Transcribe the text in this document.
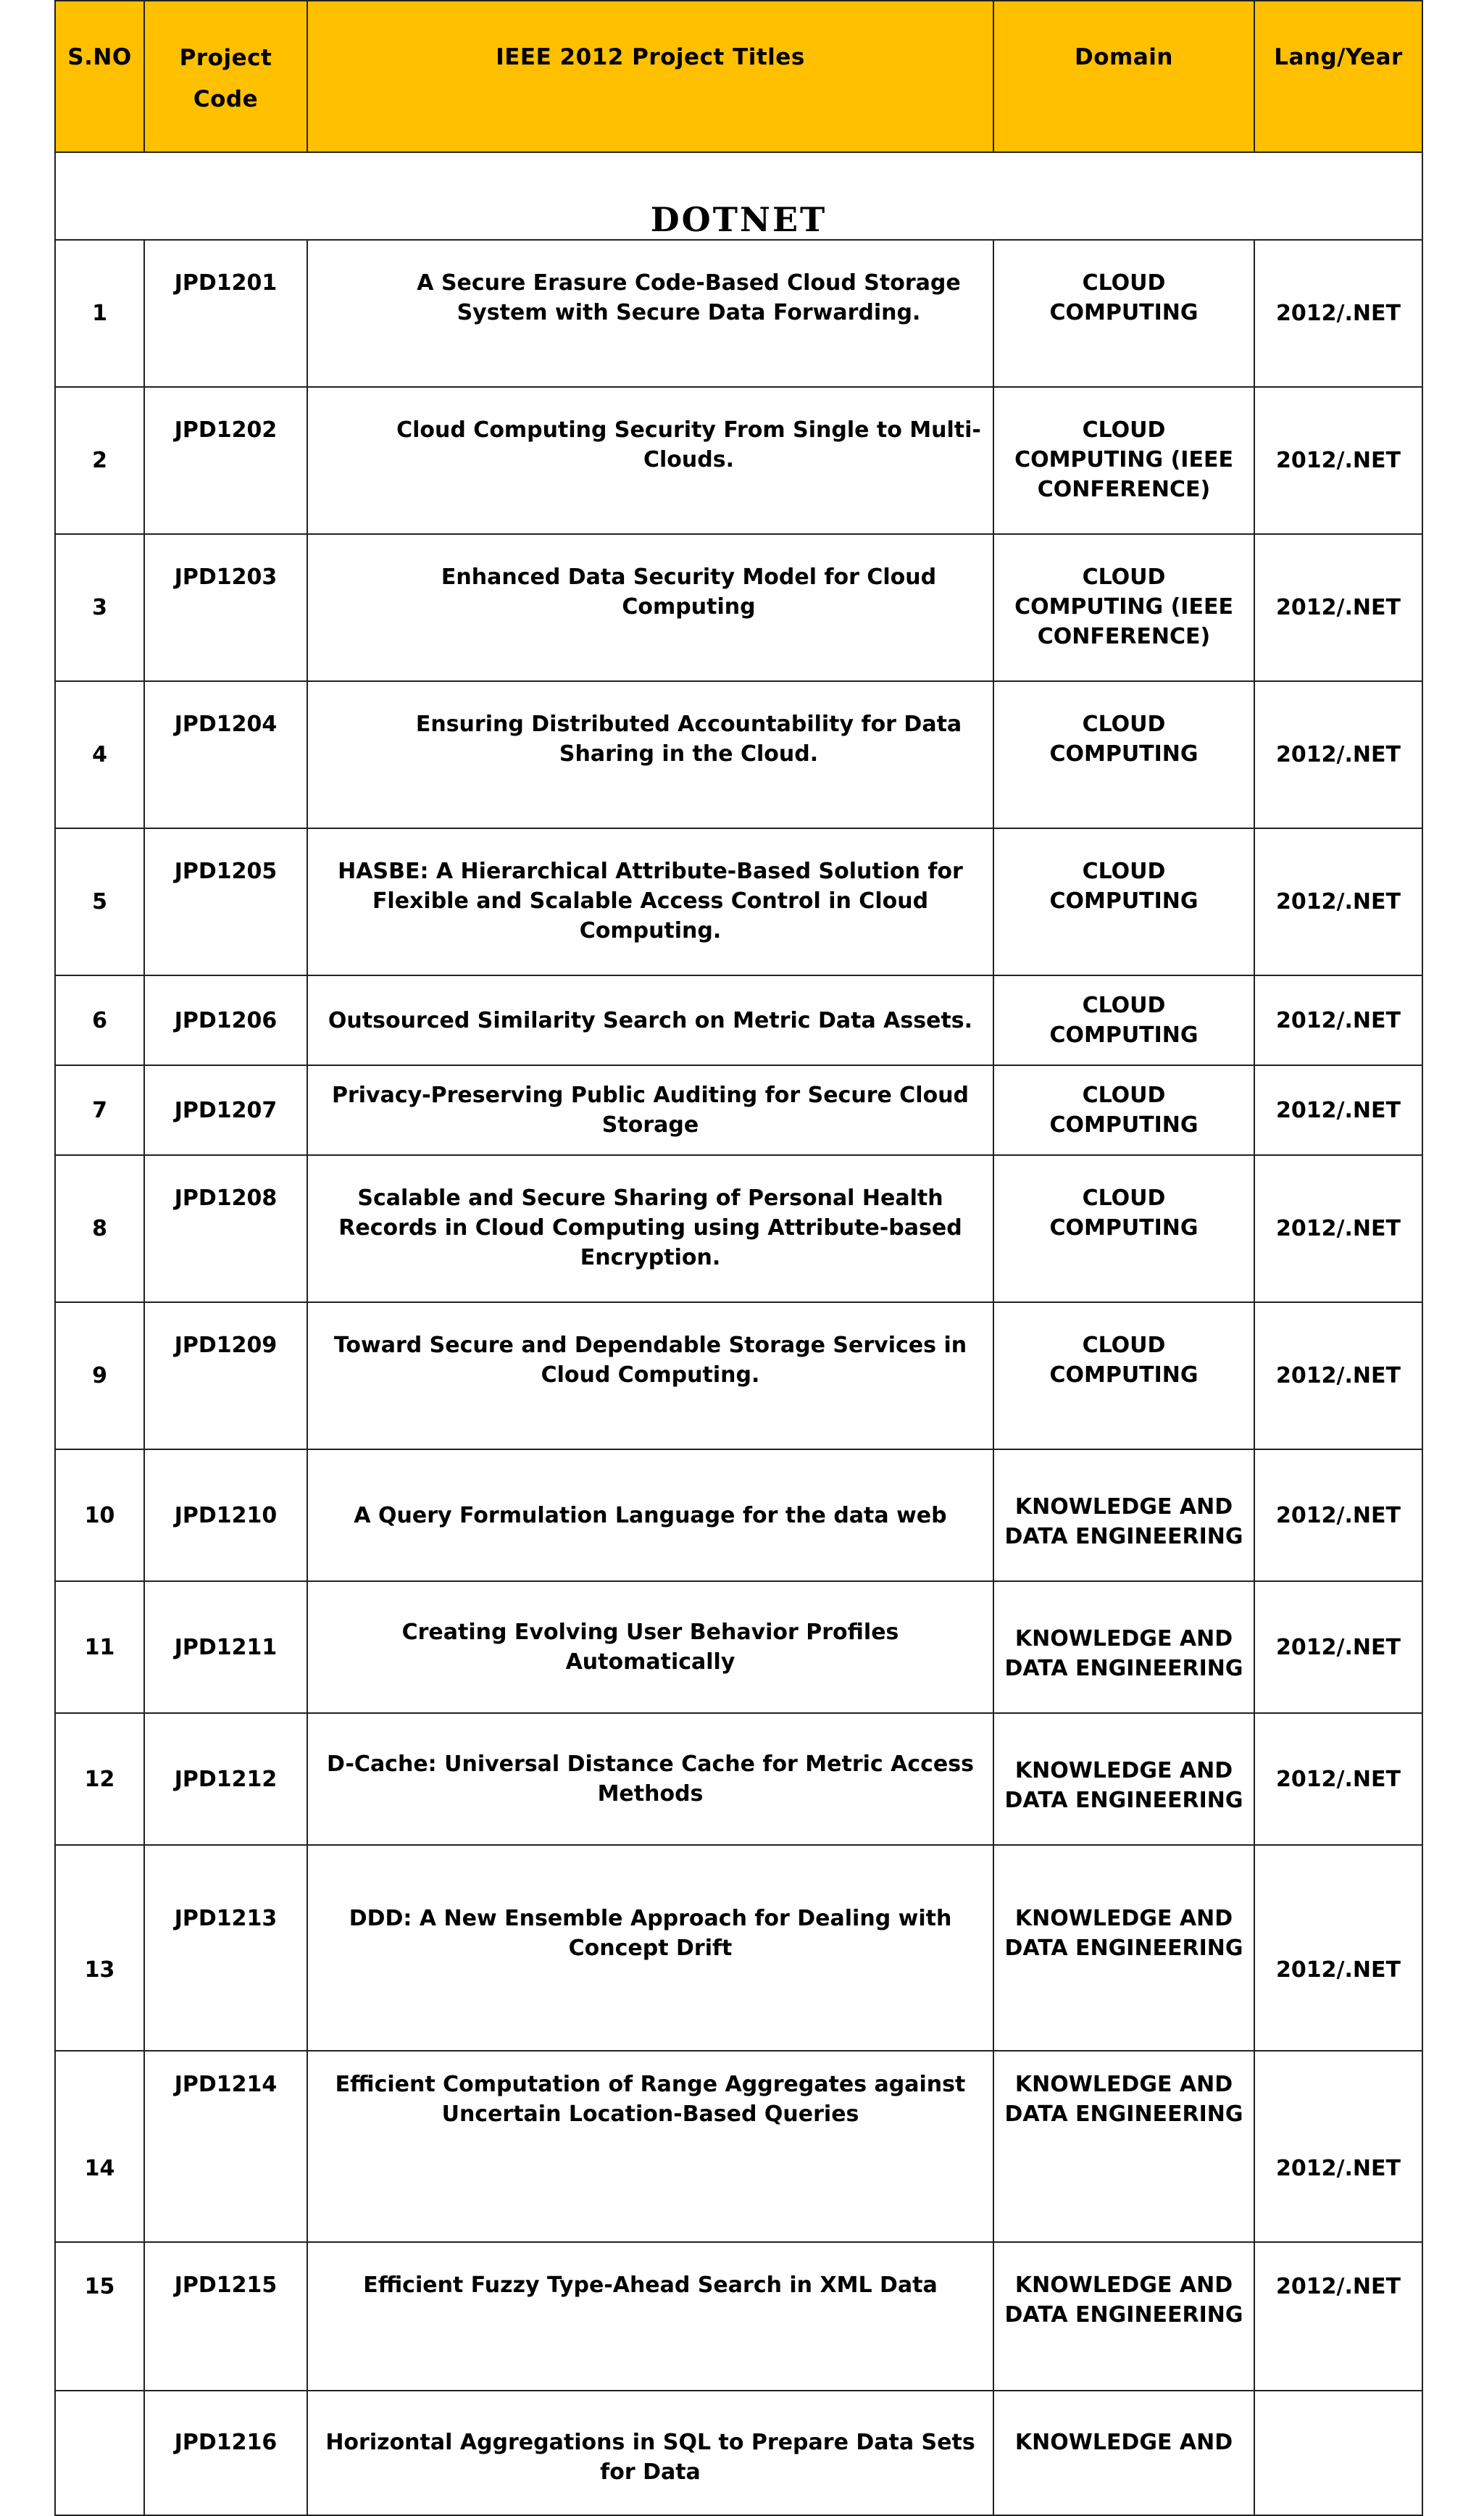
S.NO	Project Code	IEEE 2012 Project Titles	Domain	Lang/Year
DOTNET				
1	JPD1201	A Secure Erasure Code-Based Cloud Storage System with Secure Data Forwarding.	CLOUD COMPUTING	2012/.NET
2	JPD1202	Cloud Computing Security From Single to Multi-Clouds.	CLOUD COMPUTING (IEEE CONFERENCE)	2012/.NET
3	JPD1203	Enhanced Data Security Model for Cloud Computing	CLOUD COMPUTING (IEEE CONFERENCE)	2012/.NET
4	JPD1204	Ensuring Distributed Accountability for Data Sharing in the Cloud.	CLOUD COMPUTING	2012/.NET
5	JPD1205	HASBE: A Hierarchical Attribute-Based Solution for Flexible and Scalable Access Control in Cloud Computing.	CLOUD COMPUTING	2012/.NET
6	JPD1206	Outsourced Similarity Search on Metric Data Assets.	CLOUD COMPUTING	2012/.NET
7	JPD1207	Privacy-Preserving Public Auditing for Secure Cloud Storage	CLOUD COMPUTING	2012/.NET
8	JPD1208	Scalable and Secure Sharing of Personal Health Records in Cloud Computing using Attribute-based Encryption.	CLOUD COMPUTING	2012/.NET
9	JPD1209	Toward Secure and Dependable Storage Services in Cloud Computing.	CLOUD COMPUTING	2012/.NET
10	JPD1210	A Query Formulation Language for the data web	KNOWLEDGE AND DATA ENGINEERING	2012/.NET
11	JPD1211	Creating Evolving User Behavior Profiles Automatically	KNOWLEDGE AND DATA ENGINEERING	2012/.NET
12	JPD1212	D-Cache: Universal Distance Cache for Metric Access Methods	KNOWLEDGE AND DATA ENGINEERING	2012/.NET
13	JPD1213	DDD: A New Ensemble Approach for Dealing with Concept Drift	KNOWLEDGE AND DATA ENGINEERING	2012/.NET
14	JPD1214	Efficient Computation of Range Aggregates against Uncertain Location-Based Queries	KNOWLEDGE AND DATA ENGINEERING	2012/.NET
15	JPD1215	Efficient Fuzzy Type-Ahead Search in XML Data	KNOWLEDGE AND DATA ENGINEERING	2012/.NET
	JPD1216	Horizontal Aggregations in SQL to Prepare Data Sets for Data	KNOWLEDGE AND	
